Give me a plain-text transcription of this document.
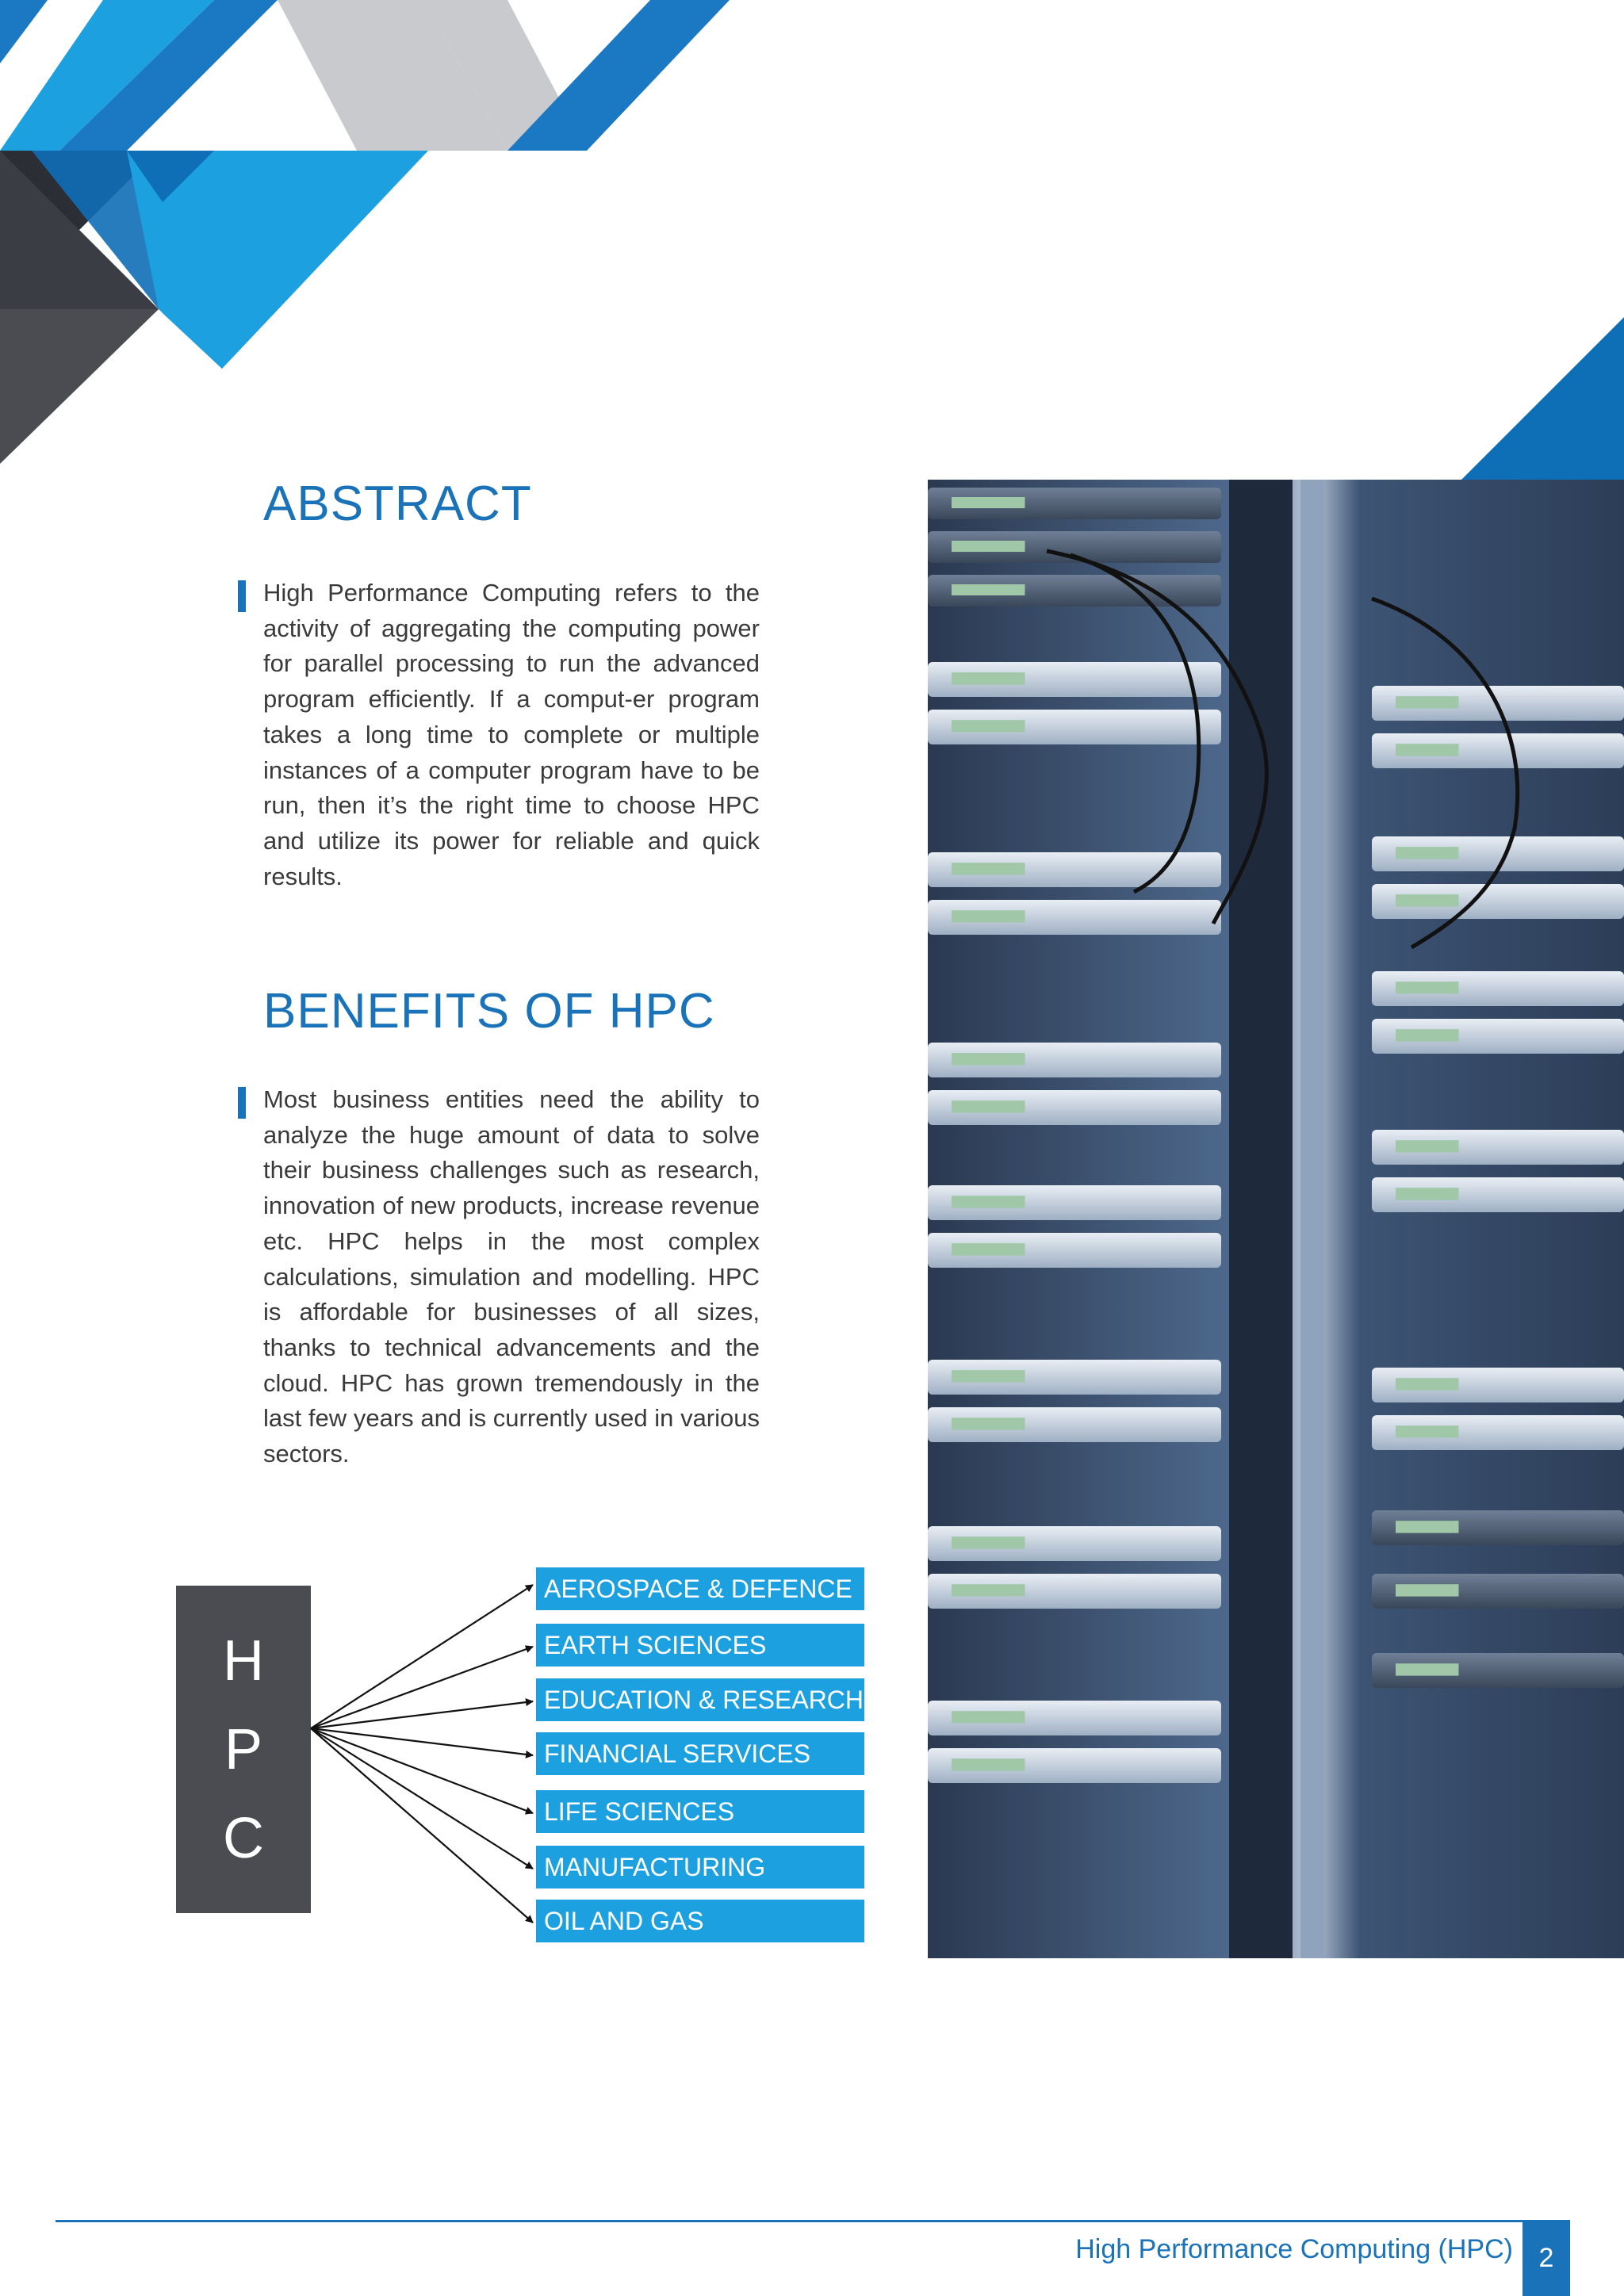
ABSTRACT

High Performance Computing refers to the activity of aggregating the computing power for parallel processing to run the advanced program efficiently. If a comput-er program takes a long time to complete or multiple instances of a computer program have to be run, then it’s the right time to choose HPC and utilize its power for reliable and quick results.

BENEFITS OF HPC

Most business entities need the ability to analyze the huge amount of data to solve their business challenges such as research, innovation of new products, increase revenue etc. HPC helps in the most complex calculations, simulation and modelling. HPC is affordable for businesses of all sizes, thanks to technical advancements and the cloud. HPC has grown tremendously in the last few years and is currently used in various sectors.

H
P
C
AEROSPACE & DEFENCE
EARTH SCIENCES
EDUCATION & RESEARCH
FINANCIAL SERVICES
LIFE SCIENCES
MANUFACTURING
OIL AND GAS
High Performance Computing (HPC) 2
